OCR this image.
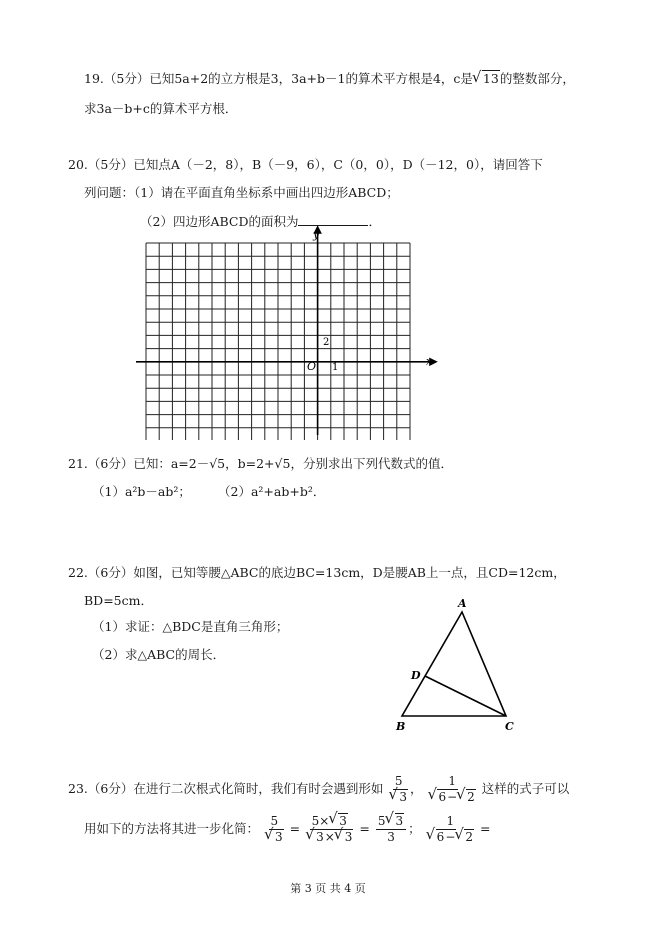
19.（5分）已知5a+2的立方根是3，3a+b－1的算术平方根是4，c是 √ 13的整数部分，
求3a－b+c的算术平方根．
20.（5分）已知点A（－2，8），B（－9，6），C（0，0），D（－12，0），请回答下
列问题：（1）请在平面直角坐标系中画出四边形ABCD；
（2）四边形ABCD的面积为	．
y
x
O 1
2
21.（6分）已知：a=2－√5，b=2+√5，分别求出下列代数式的值．
（1）a²b－ab²； （2）a²+ab+b²．
22.（6分）如图，已知等腰△ABC的底边BC=13cm，D是腰AB上一点，且CD=12cm，
BD=5cm．
（1）求证：△BDC是直角三角形；
（2）求△ABC的周长．
A
B	C
D
23.（6分）在进行二次根式化简时，我们有时会遇到形如 5
√ 3 ， 1
√ 6− √ 2 这样的式子可以
用如下的方法将其进一步化简： 5
√ 3 = 5× √ 3
√ 3× √ $3 = \frac{5 √ 3}{3}$ ； 1
√ 6− √ 2 =
第 3 页 共 4 页
